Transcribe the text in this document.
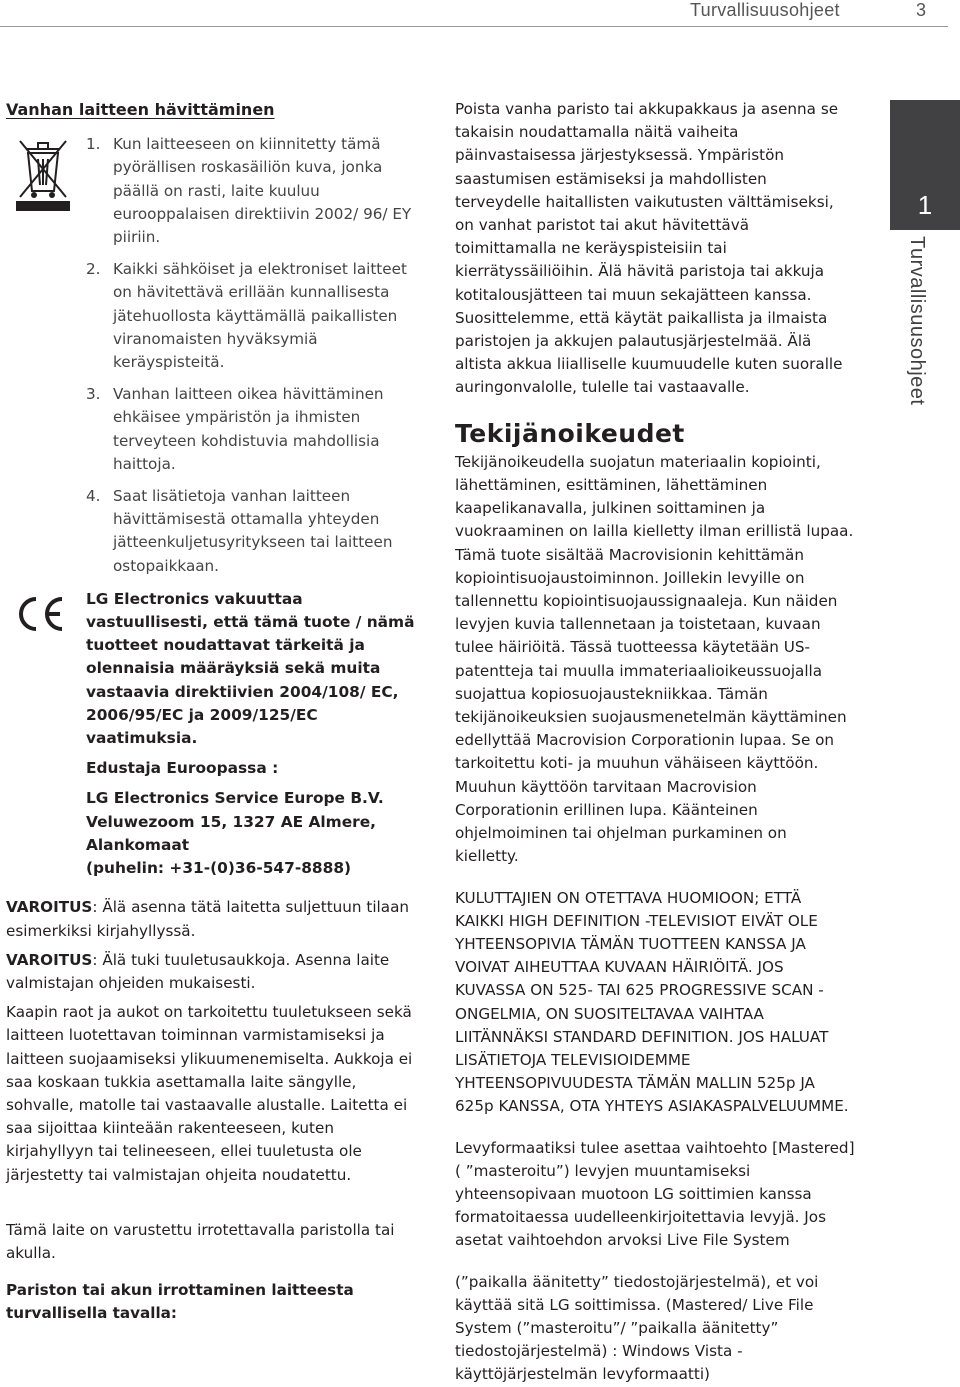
Turvallisuusohjeet	3
1
Turvallisuusohjeet
Vanhan laitteen hävittäminen
1. Kun laitteeseen on kiinnitetty tämä pyörällisen roskasäiliön kuva, jonka päällä on rasti, laite kuuluu eurooppalaisen direktiivin 2002/ 96/ EY piiriin.
2. Kaikki sähköiset ja elektroniset laitteet on hävitettävä erillään kunnallisesta jätehuollosta käyttämällä paikallisten viranomaisten hyväksymiä keräyspisteitä.
3. Vanhan laitteen oikea hävittäminen ehkäisee ympäristön ja ihmisten terveyteen kohdistuvia mahdollisia haittoja.
4. Saat lisätietoja vanhan laitteen hävittämisestä ottamalla yhteyden jätteenkuljetusyritykseen tai laitteen ostopaikkaan.

LG Electronics vakuuttaa vastuullisesti, että tämä tuote / nämä tuotteet noudattavat tärkeitä ja olennaisia määräyksiä sekä muita vastaavia direktiivien 2004/108/ EC, 2006/95/EC ja 2009/125/EC vaatimuksia.

Edustaja Euroopassa :

LG Electronics Service Europe B.V.

Veluwezoom 15, 1327 AE Almere, Alankomaat

(puhelin: +31-(0)36-547-8888)

VAROITUS: Älä asenna tätä laitetta suljettuun tilaan esimerkiksi kirjahyllyssä.

VAROITUS: Älä tuki tuuletusaukkoja. Asenna laite valmistajan ohjeiden mukaisesti.

Kaapin raot ja aukot on tarkoitettu tuuletukseen sekä laitteen luotettavan toiminnan varmistamiseksi ja laitteen suojaamiseksi ylikuumenemiselta. Aukkoja ei saa koskaan tukkia asettamalla laite sängylle, sohvalle, matolle tai vastaavalle alustalle. Laitetta ei saa sijoittaa kiinteään rakenteeseen, kuten kirjahyllyyn tai telineeseen, ellei tuuletusta ole järjestetty tai valmistajan ohjeita noudatettu.

Tämä laite on varustettu irrotettavalla paristolla tai akulla.

Pariston tai akun irrottaminen laitteesta turvallisella tavalla:

Poista vanha paristo tai akkupakkaus ja asenna se takaisin noudattamalla näitä vaiheita päinvastaisessa järjestyksessä. Ympäristön saastumisen estämiseksi ja mahdollisten terveydelle haitallisten vaikutusten välttämiseksi, on vanhat paristot tai akut hävitettävä toimittamalla ne keräyspisteisiin tai kierrätyssäiliöihin. Älä hävitä paristoja tai akkuja kotitalousjätteen tai muun sekajätteen kanssa. Suosittelemme, että käytät paikallista ja ilmaista paristojen ja akkujen palautusjärjestelmää. Älä altista akkua liialliselle kuumuudelle kuten suoralle auringonvalolle, tulelle tai vastaavalle.

Tekijänoikeudet

Tekijänoikeudella suojatun materiaalin kopiointi, lähettäminen, esittäminen, lähettäminen kaapelikanavalla, julkinen soittaminen ja vuokraaminen on lailla kielletty ilman erillistä lupaa. Tämä tuote sisältää Macrovisionin kehittämän kopiointisuojaustoiminnon. Joillekin levyille on tallennettu kopiointisuojaussignaaleja. Kun näiden levyjen kuvia tallennetaan ja toistetaan, kuvaan tulee häiriöitä. Tässä tuotteessa käytetään US-patentteja tai muulla immateriaalioikeussuojalla suojattua kopiosuojaustekniikkaa. Tämän tekijänoikeuksien suojausmenetelmän käyttäminen edellyttää Macrovision Corporationin lupaa. Se on tarkoitettu koti- ja muuhun vähäiseen käyttöön. Muuhun käyttöön tarvitaan Macrovision Corporationin erillinen lupa. Käänteinen ohjelmoiminen tai ohjelman purkaminen on kielletty.

KULUTTAJIEN ON OTETTAVA HUOMIOON; ETTÄ KAIKKI HIGH DEFINITION -TELEVISIOT EIVÄT OLE YHTEENSOPIVIA TÄMÄN TUOTTEEN KANSSA JA VOIVAT AIHEUTTAA KUVAAN HÄIRIÖITÄ. JOS KUVASSA ON 525- TAI 625 PROGRESSIVE SCAN -ONGELMIA, ON SUOSITELTAVAA VAIHTAA LIITÄNNÄKSI STANDARD DEFINITION. JOS HALUAT LISÄTIETOJA TELEVISIOIDEMME YHTEENSOPIVUUDESTA TÄMÄN MALLIN 525p JA 625p KANSSA, OTA YHTEYS ASIAKASPALVELUUMME.

Levyformaatiksi tulee asettaa vaihtoehto [Mastered] ( ”masteroitu”) levyjen muuntamiseksi yhteensopivaan muotoon LG soittimien kanssa formatoitaessa uudelleenkirjoitettavia levyjä. Jos asetat vaihtoehdon arvoksi Live File System

(”paikalla äänitetty” tiedostojärjestelmä), et voi käyttää sitä LG soittimissa. (Mastered/ Live File System (”masteroitu”/ ”paikalla äänitetty” tiedostojärjestelmä) : Windows Vista -käyttöjärjestelmän levyformaatti)
